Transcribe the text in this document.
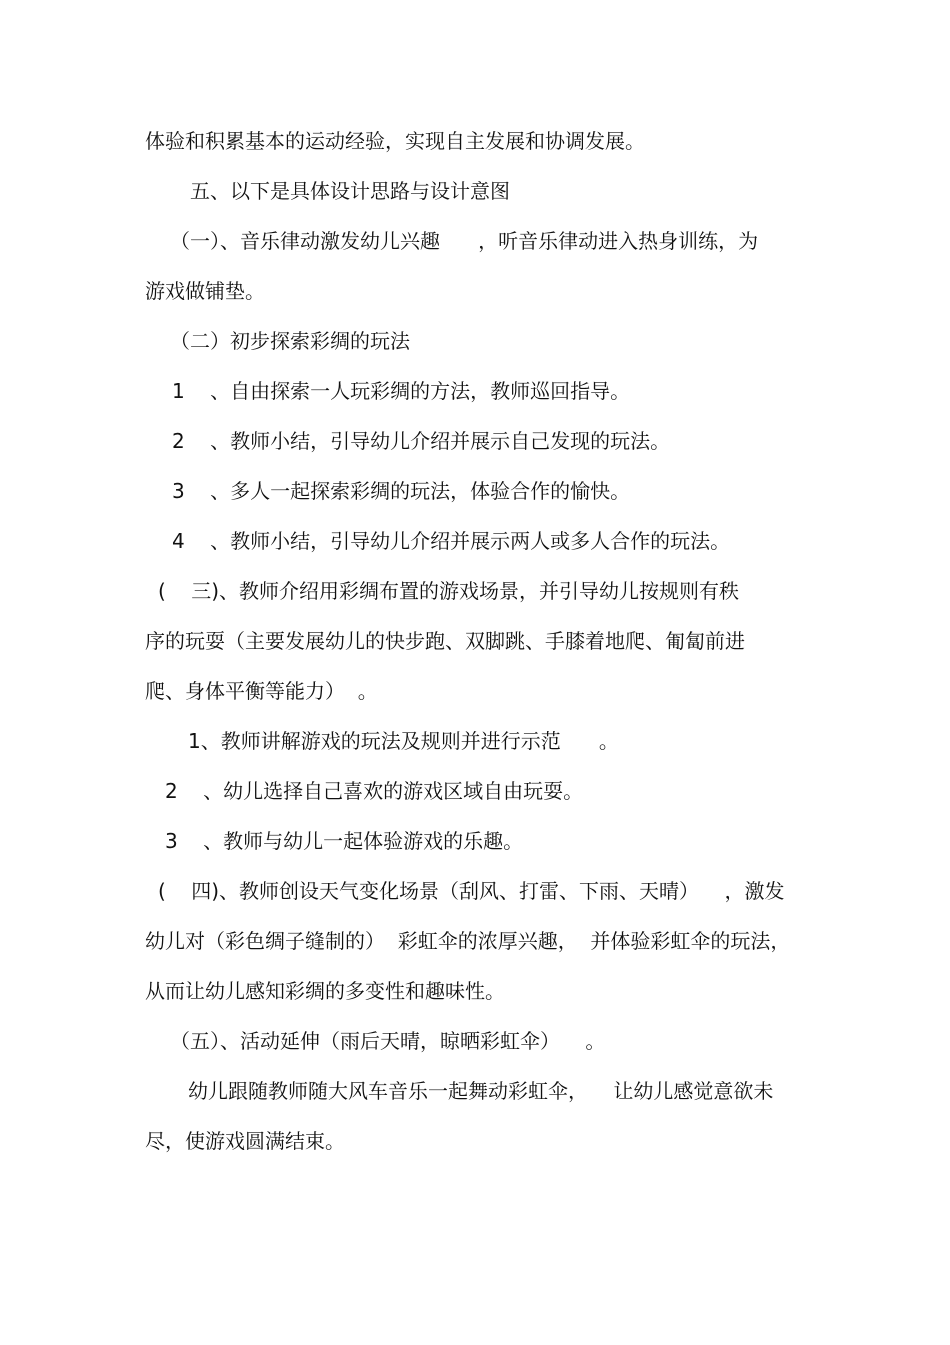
体验和积累基本的运动经验，实现自主发展和协调发展。
五、以下是具体设计思路与设计意图
（一）、音乐律动激发幼儿兴趣      ，听音乐律动进入热身训练，为
游戏做铺垫。
（二）初步探索彩绸的玩法
1    、自由探索一人玩彩绸的方法，教师巡回指导。
2    、教师小结，引导幼儿介绍并展示自己发现的玩法。
3    、多人一起探索彩绸的玩法，体验合作的愉快。
4    、教师小结，引导幼儿介绍并展示两人或多人合作的玩法。
(    三)、教师介绍用彩绸布置的游戏场景，并引导幼儿按规则有秩
序的玩耍（主要发展幼儿的快步跑、双脚跳、手膝着地爬、匍匐前进
爬、身体平衡等能力）  。
1、教师讲解游戏的玩法及规则并进行示范      。
2    、幼儿选择自己喜欢的游戏区域自由玩耍。
3    、教师与幼儿一起体验游戏的乐趣。
(    四)、教师创设天气变化场景（刮风、打雷、下雨、天晴）    ，激发
幼儿对（彩色绸子缝制的）  彩虹伞的浓厚兴趣，  并体验彩虹伞的玩法，
从而让幼儿感知彩绸的多变性和趣味性。
（五）、活动延伸（雨后天晴，晾晒彩虹伞）    。
幼儿跟随教师随大风车音乐一起舞动彩虹伞，    让幼儿感觉意欲未
尽，使游戏圆满结束。
